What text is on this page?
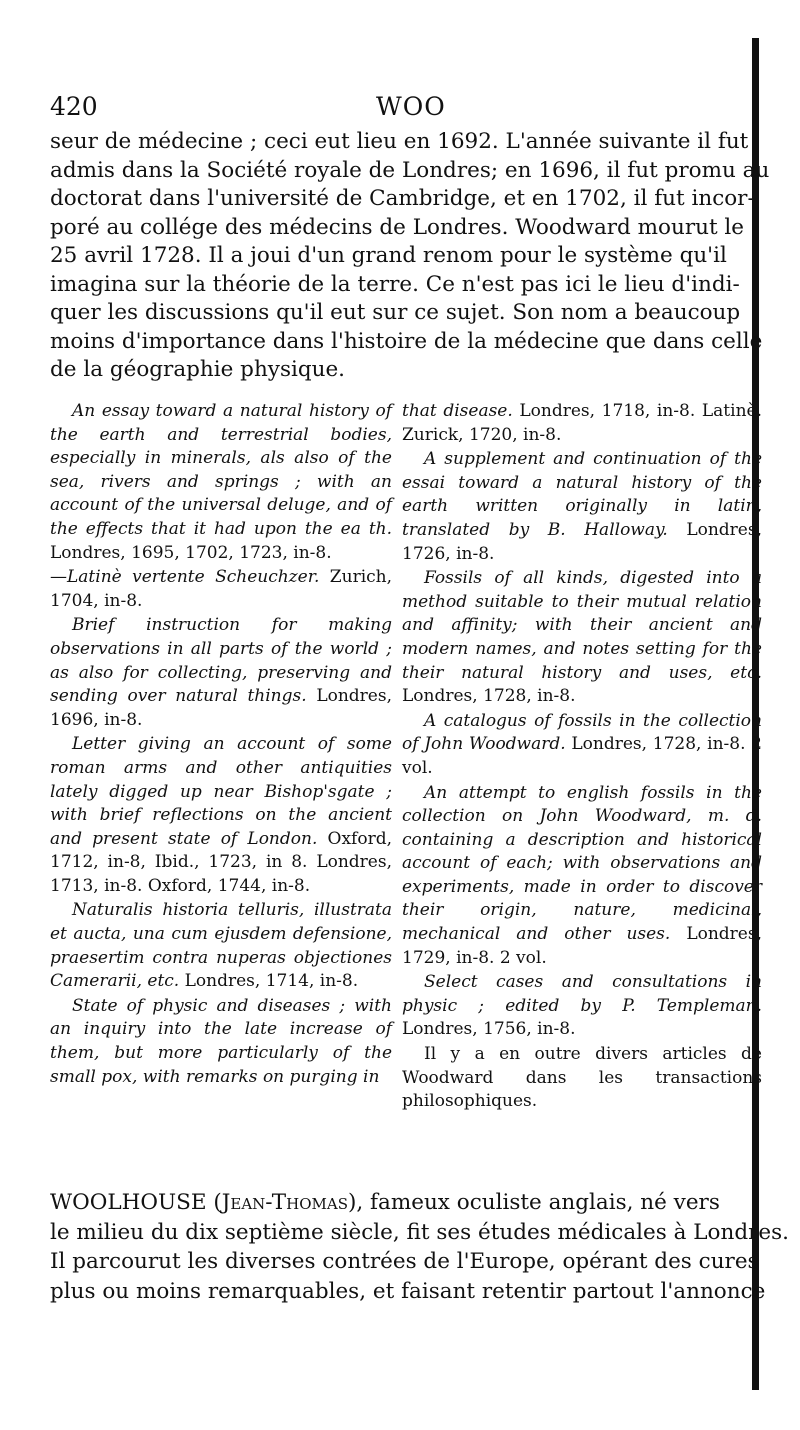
420	WOO
seur de médecine ; ceci eut lieu en 1692. L'année suivante il fut
admis dans la Société royale de Londres; en 1696, il fut promu au
doctorat dans l'université de Cambridge, et en 1702, il fut incor-
poré au collége des médecins de Londres. Woodward mourut le
25 avril 1728. Il a joui d'un grand renom pour le système qu'il
imagina sur la théorie de la terre. Ce n'est pas ici le lieu d'indi-
quer les discussions qu'il eut sur ce sujet. Son nom a beaucoup
moins d'importance dans l'histoire de la médecine que dans celle
de la géographie physique.

An essay toward a natural history of the earth and terrestrial bodies, especially in minerals, als also of the sea, rivers and springs ; with an account of the universal deluge, and of the effects that it had upon the ea th. Londres, 1695, 1702, 1723, in-8.

—Latinè vertente Scheuchzer. Zurich, 1704, in-8.

Brief instruction for making observations in all parts of the world ; as also for collecting, preserving and sending over natural things. Londres, 1696, in-8.

Letter giving an account of some roman arms and other antiquities lately digged up near Bishop'sgate ; with brief reflections on the ancient and present state of London. Oxford, 1712, in-8, Ibid., 1723, in 8. Londres, 1713, in-8. Oxford, 1744, in-8.

Naturalis historia telluris, illustrata et aucta, una cum ejusdem defensione, praesertim contra nuperas objectiones Camerarii, etc. Londres, 1714, in-8.

State of physic and diseases ; with an inquiry into the late increase of them, but more particularly of the small pox, with remarks on purging in

that disease. Londres, 1718, in-8. Latinè. Zurick, 1720, in-8.

A supplement and continuation of the essai toward a natural history of the earth written originally in latin, translated by B. Halloway. Londres, 1726, in-8.

Fossils of all kinds, digested into a method suitable to their mutual relation and affinity; with their ancient and modern names, and notes setting for the their natural history and uses, etc. Londres, 1728, in-8.

A catalogus of fossils in the collection of John Woodward. Londres, 1728, in-8. 2 vol.

An attempt to english fossils in the collection on John Woodward, m. d. containing a description and historical account of each; with observations and experiments, made in order to discover their origin, nature, medicinal, mechanical and other uses. Londres, 1729, in-8. 2 vol.

Select cases and consultations in physic ; edited by P. Templeman. Londres, 1756, in-8.

Il y a en outre divers articles de Woodward dans les transactions philosophiques.

WOOLHOUSE (Jean-Thomas), fameux oculiste anglais, né vers
le milieu du dix septième siècle, fit ses études médicales à Londres.
Il parcourut les diverses contrées de l'Europe, opérant des cures
plus ou moins remarquables, et faisant retentir partout l'annonce
